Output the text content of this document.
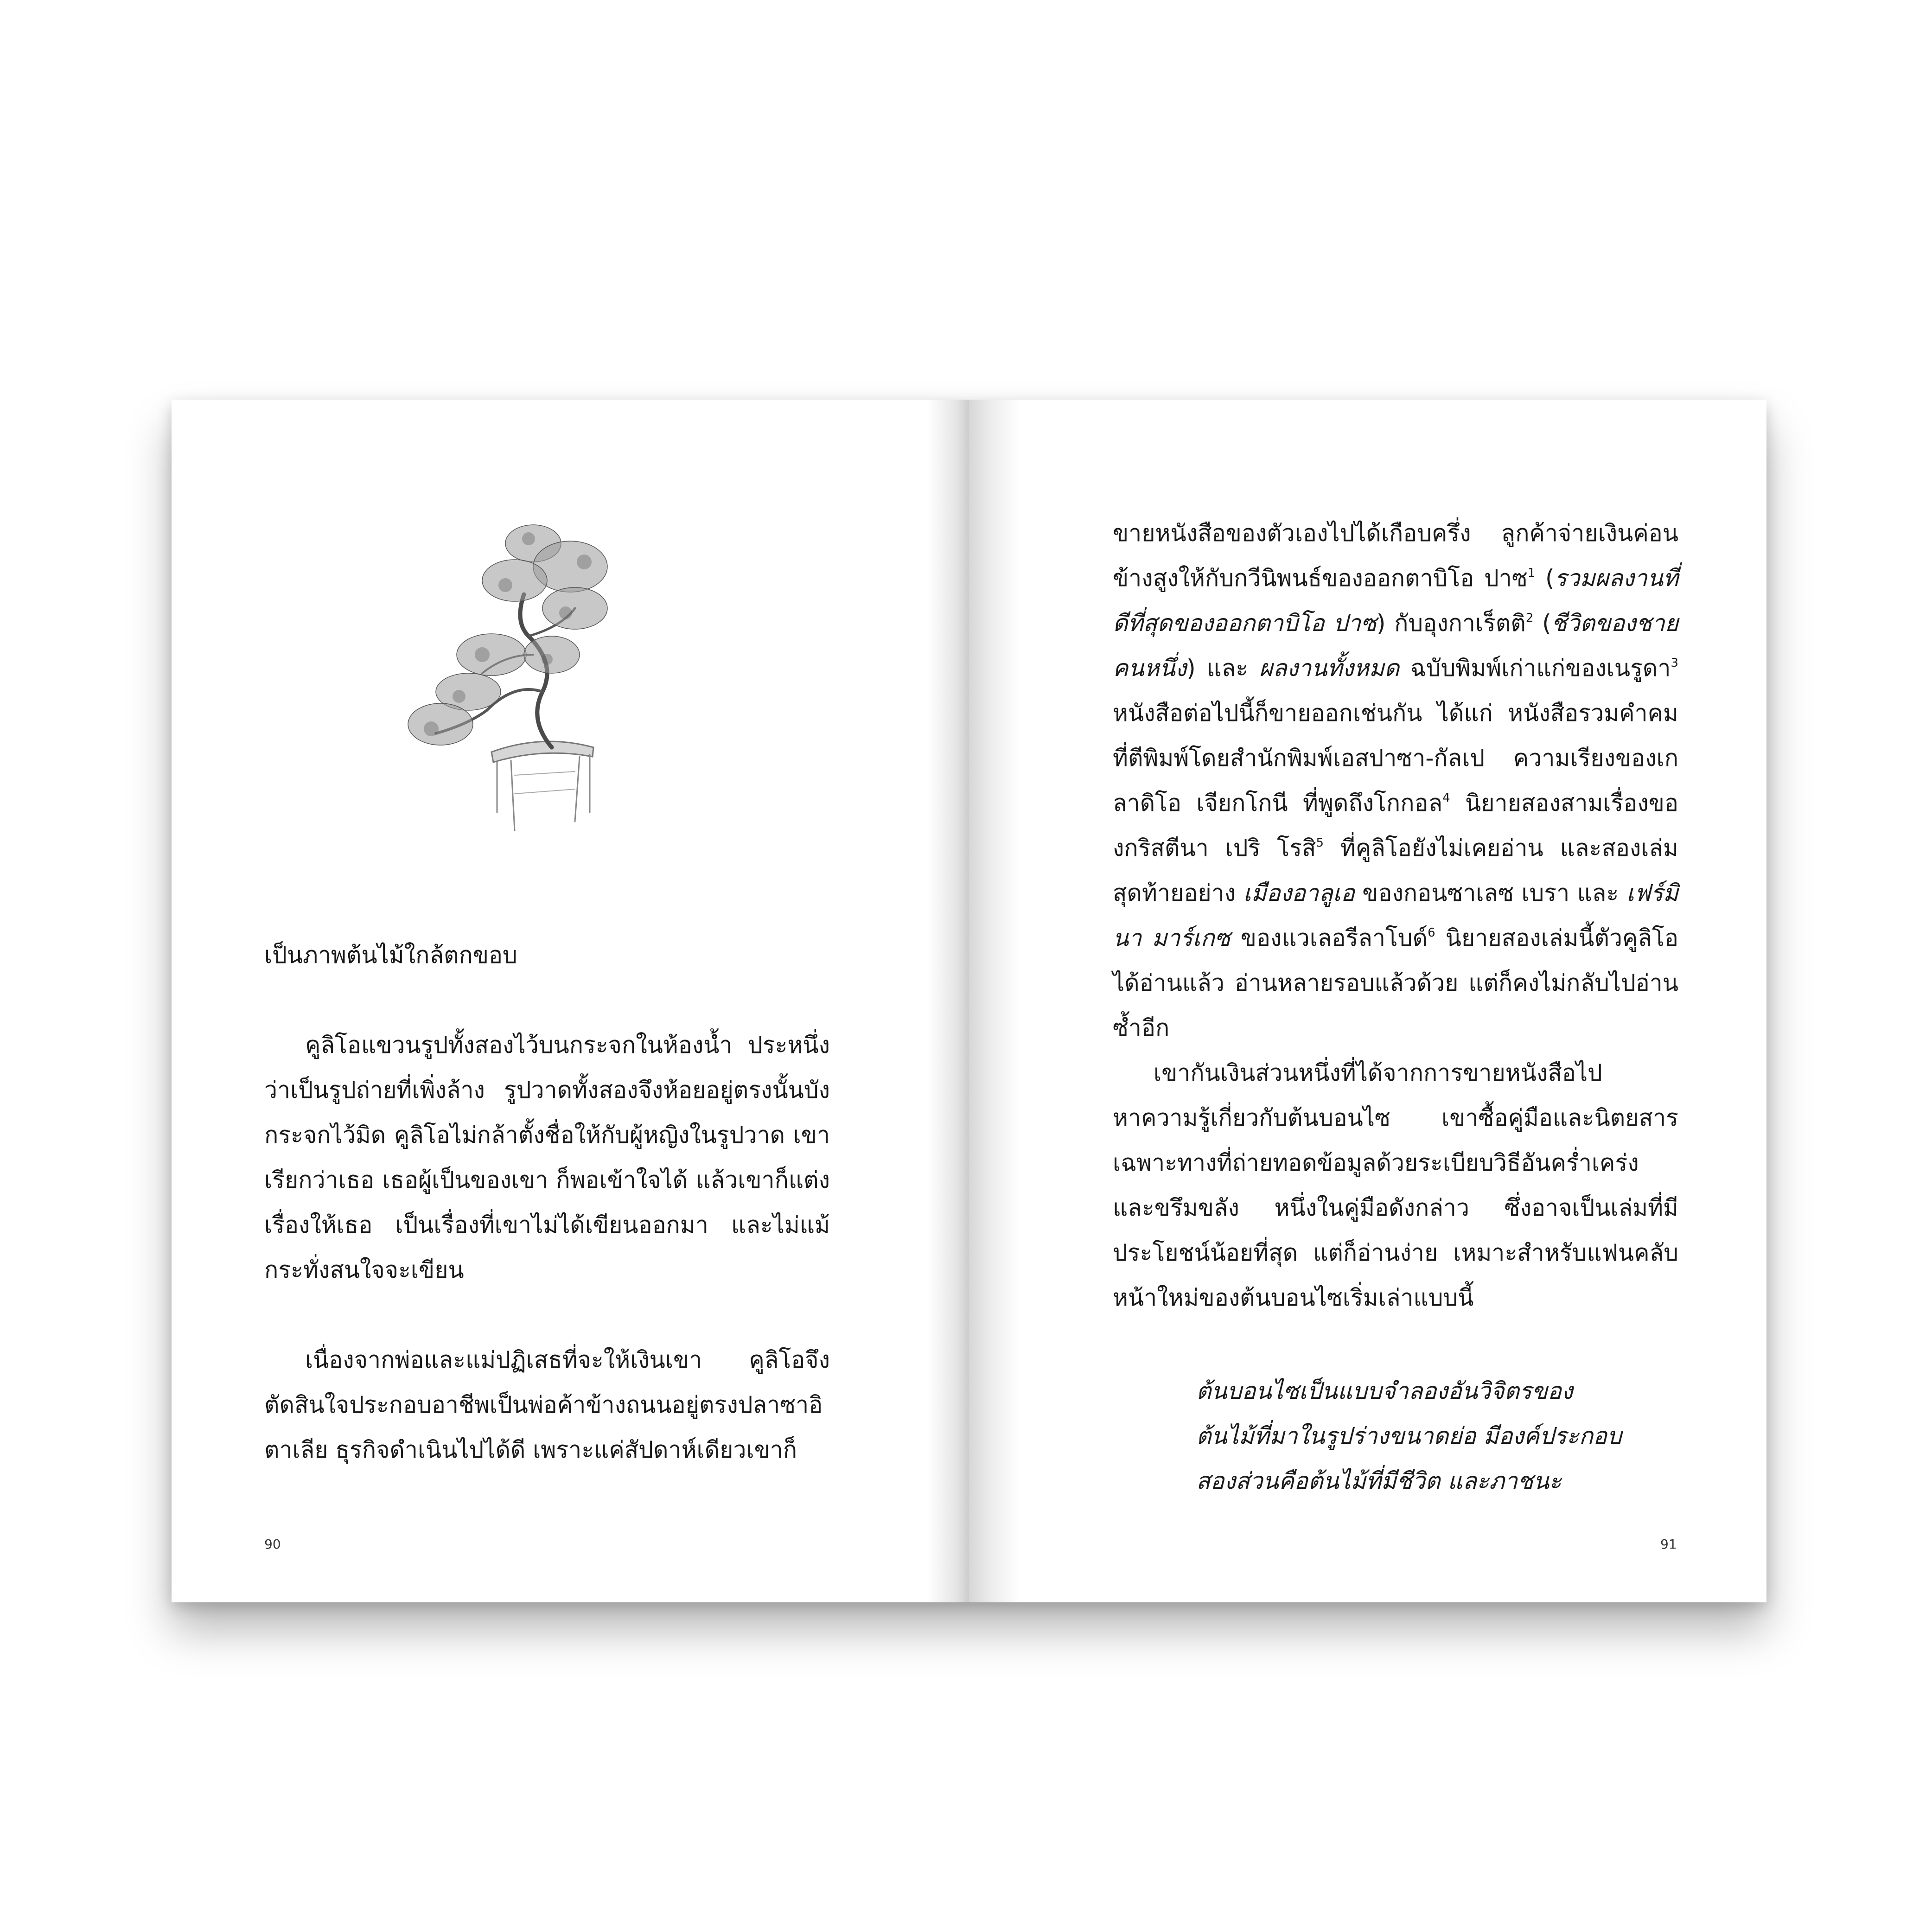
เป็นภาพต้นไม้ใกล้ตกขอบ

คูลิโอแขวนรูปทั้งสองไว้บนกระจกในห้องน้ำ ประหนึ่งว่าเป็นรูปถ่ายที่เพิ่งล้าง รูปวาดทั้งสองจึงห้อยอยู่ตรงนั้นบังกระจกไว้มิด คูลิโอไม่กล้าตั้งชื่อให้กับผู้หญิงในรูปวาด เขาเรียกว่าเธอ เธอผู้เป็นของเขา ก็พอเข้าใจได้ แล้วเขาก็แต่งเรื่องให้เธอ เป็นเรื่องที่เขาไม่ได้เขียนออกมา และไม่แม้กระทั่งสนใจจะเขียน

เนื่องจากพ่อและแม่ปฏิเสธที่จะให้เงินเขา คูลิโอจึงตัดสินใจประกอบอาชีพเป็นพ่อค้าข้างถนนอยู่ตรงปลาซาอิตาเลีย ธุรกิจดำเนินไปได้ดี เพราะแค่สัปดาห์เดียวเขาก็

90

ขายหนังสือของตัวเองไปได้เกือบครึ่ง ลูกค้าจ่ายเงินค่อนข้างสูงให้กับกวีนิพนธ์ของออกตาบิโอ ปาซ$^1$ (รวมผลงานที่ดีที่สุดของออกตาบิโอ ปาซ) กับอุงกาเร็ตติ$^2$ (ชีวิตของชายคนหนึ่ง) และ ผลงานทั้งหมด ฉบับพิมพ์เก่าแก่ของเนรูดา$^3$ หนังสือต่อไปนี้ก็ขายออกเช่นกัน ได้แก่ หนังสือรวมคำคมที่ตีพิมพ์โดยสำนักพิมพ์เอสปาซา-กัลเป ความเรียงของเกลาดิโอ เจียกโกนี ที่พูดถึงโกกอล$^4$ นิยายสองสามเรื่องของกริสตีนา เปริ โรสิ$^5$ ที่คูลิโอยังไม่เคยอ่าน และสองเล่มสุดท้ายอย่าง เมืองอาลูเอ ของกอนซาเลซ เบรา และ เฟร์มินา มาร์เกซ ของแวเลอรีลาโบด์$^6$ นิยายสองเล่มนี้ตัวคูลิโอได้อ่านแล้ว อ่านหลายรอบแล้วด้วย แต่ก็คงไม่กลับไปอ่านซ้ำอีก

เขากันเงินส่วนหนึ่งที่ได้จากการขายหนังสือไปหาความรู้เกี่ยวกับต้นบอนไซ เขาซื้อคู่มือและนิตยสารเฉพาะทางที่ถ่ายทอดข้อมูลด้วยระเบียบวิธีอันคร่ำเคร่งและขรึมขลัง หนึ่งในคู่มือดังกล่าว ซึ่งอาจเป็นเล่มที่มีประโยชน์น้อยที่สุด แต่ก็อ่านง่าย เหมาะสำหรับแฟนคลับหน้าใหม่ของต้นบอนไซเริ่มเล่าแบบนี้

ต้นบอนไซเป็นแบบจำลองอันวิจิตรของ

ต้นไม้ที่มาในรูปร่างขนาดย่อ มีองค์ประกอบ

สองส่วนคือต้นไม้ที่มีชีวิต และภาชนะ

91
